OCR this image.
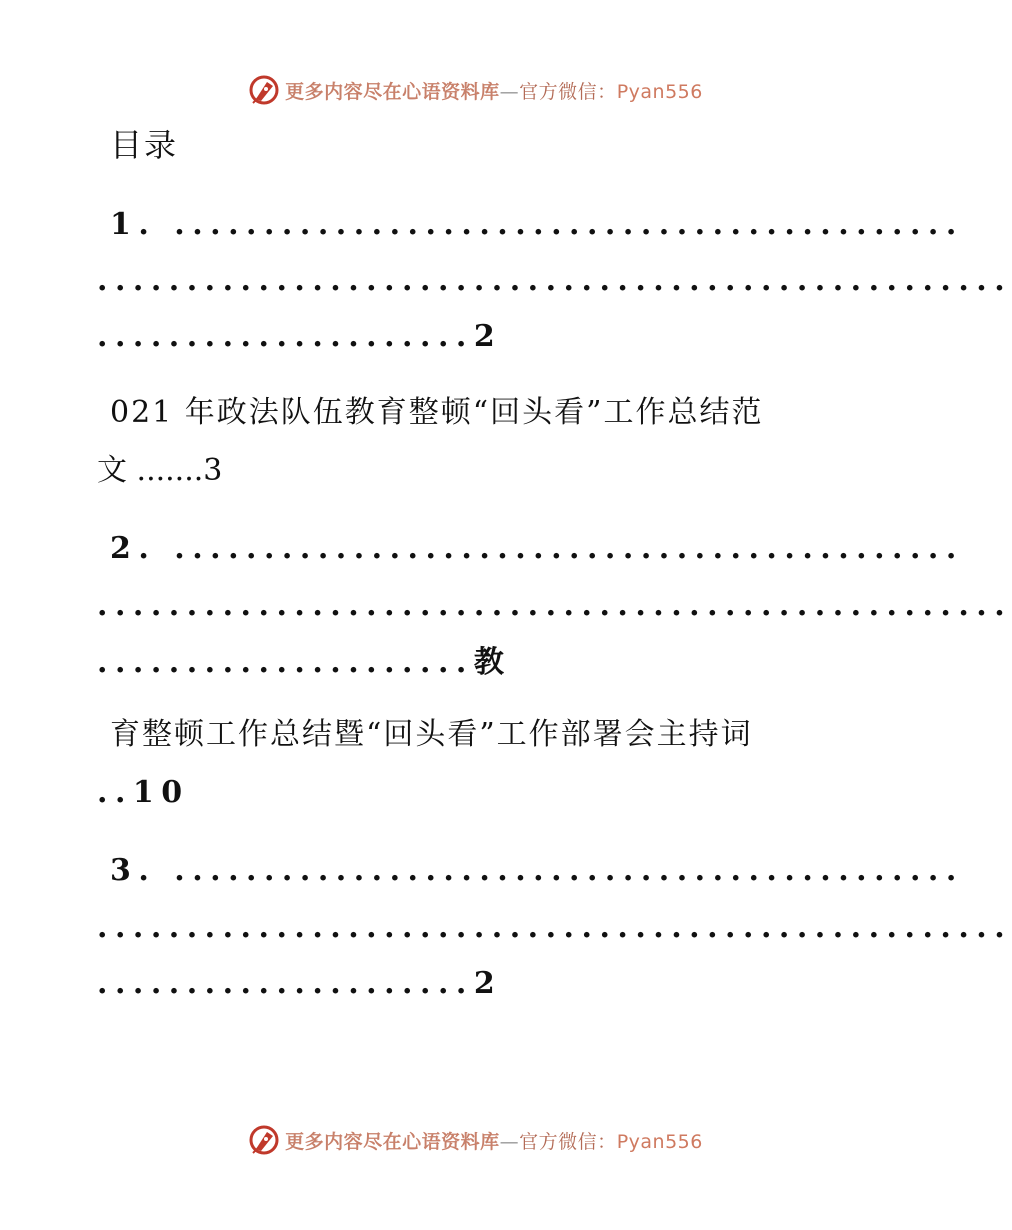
更多内容尽在心语资料库—官方微信：Pyan556
目录
1. ............................................
...................................................
.....................2
021 年政法队伍教育整顿“回头看”工作总结范
文 .......3
2. ............................................
...................................................
.....................教
育整顿工作总结暨“回头看”工作部署会主持词
..10
3. ............................................
...................................................
.....................2
更多内容尽在心语资料库—官方微信：Pyan556
